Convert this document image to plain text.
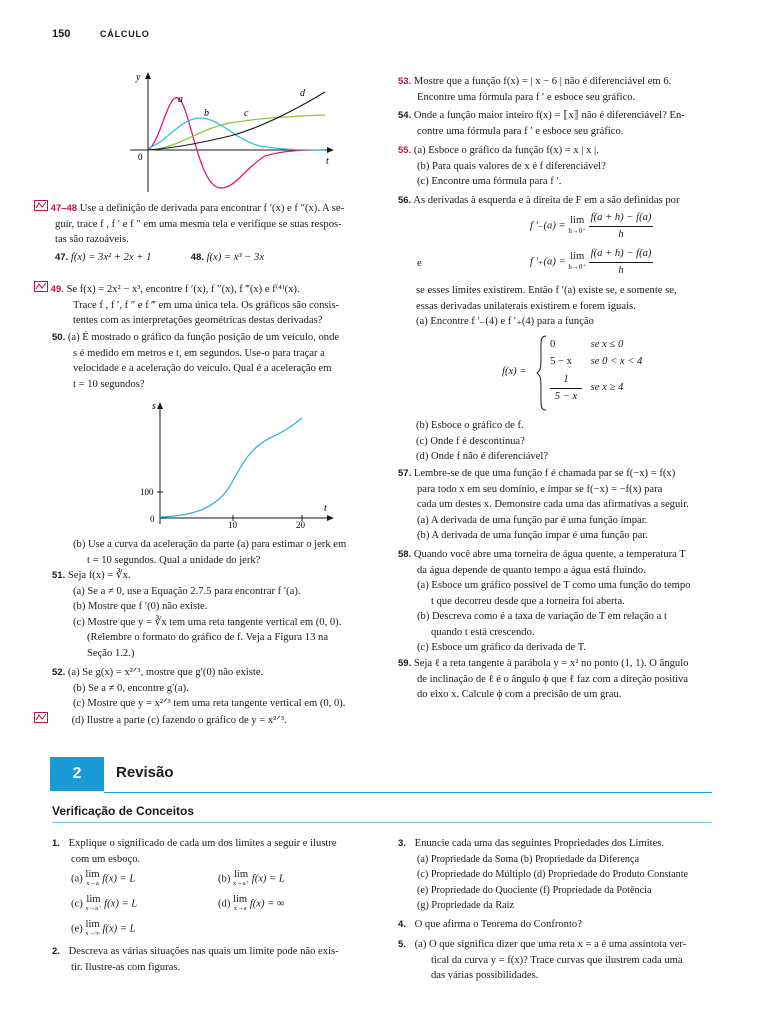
150	CÁLCULO
y
t
0
a
b	c
d
47–48 Use a definição de derivada para encontrar f ′(x) e f ″(x). A se-
guir, trace f , f ′ e f ″ em uma mesma tela e verifique se suas respos-
tas são razoáveis.
47. f(x) = 3x² + 2x + 1	48. f(x) = x³ − 3x
49. Se f(x) = 2x² − x³, encontre f ′(x), f ″(x), f ‴(x) e f⁽⁴⁾(x).
Trace f , f ′, f ″ e f ‴ em uma única tela. Os gráficos são consis-
tentes com as interpretações geométricas destas derivadas?
50. (a) É mostrado o gráfico da função posição de um veículo, onde
s é medido em metros e t, em segundos. Use-o para traçar a
velocidade e a aceleração do veículo. Qual é a aceleração em
t = 10 segundos?
s
t
0
100
10	20
(b) Use a curva da aceleração da parte (a) para estimar o jerk em
t = 10 segundos. Qual a unidade do jerk?
51. Seja f(x) = ∛x.
(a) Se a ≠ 0, use a Equação 2.7.5 para encontrar f ′(a).
(b) Mostre que f ′(0) não existe.
(c) Mostre que y = ∛x tem uma reta tangente vertical em (0, 0).
(Relembre o formato do gráfico de f. Veja a Figura 13 na
Seção 1.2.)
52. (a) Se g(x) = x²ᐟ³, mostre que g′(0) não existe.
(b) Se a ≠ 0, encontre g′(a).
(c) Mostre que y = x²ᐟ³ tem uma reta tangente vertical em (0, 0).
(d) Ilustre a parte (c) fazendo o gráfico de y = x²ᐟ³.
53. Mostre que a função f(x) = | x − 6 | não é diferenciável em 6.
Encontre uma fórmula para f ′ e esboce seu gráfico.
54. Onde a função maior inteiro f(x) = ⟦x⟧ não é diferenciável? En-
contre uma fórmula para f ′ e esboce seu gráfico.
55. (a) Esboce o gráfico da função f(x) = x | x |.
(b) Para quais valores de x é f diferenciável?
(c) Encontre uma fórmula para f ′.
56. As derivadas à esquerda e à direita de F em a são definidas por
f ′₋(a) = lim
h→0⁻
$\frac{f(a + h) - f(a)}{h}$
e	f ′₊(a) = lim
h→0⁺
$\frac{f(a + h) - f(a)}{h}$
se esses limites existirem. Então f ′(a) existe se, e somente se,
essas derivadas unilaterais existirem e forem iguais.
(a) Encontre f ′₋(4) e f ′₊(4) para a função
f(x) =
0	se x ≤ 0
5 − x se 0 < x < 4
$\frac{1}{5 - x}$ se x ≥ 4
(b) Esboce o gráfico de f.
(c) Onde f é descontínua?
(d) Onde f não é diferenciável?
57. Lembre-se de que uma função f é chamada par se f(−x) = f(x)
para todo x em seu domínio, e ímpar se f(−x) = −f(x) para
cada um destes x. Demonstre cada uma das afirmativas a seguir.
(a) A derivada de uma função par é uma função ímpar.
(b) A derivada de uma função ímpar é uma função par.
58. Quando você abre uma torneira de água quente, a temperatura T
da água depende de quanto tempo a água está fluindo.
(a) Esboce um gráfico possível de T como uma função do tempo
t que decorreu desde que a torneira foi aberta.
(b) Descreva como é a taxa de variação de T em relação a t
quando t está crescendo.
(c) Esboce um gráfico da derivada de T.
59. Seja ℓ a reta tangente à parábola y = x² no ponto (1, 1). O ângulo
de inclinação de ℓ é o ângulo ϕ que ℓ faz com a direção positiva
do eixo x. Calcule ϕ com a precisão de um grau.
2	Revisão
Verificação de Conceitos
1. Explique o significado de cada um dos limites a seguir e ilustre
com um esboço.
(a) lim
x→a f(x) = L	(b) lim
x→a⁺ f(x) = L
(c) lim
x→a⁻ f(x) = L	(d) lim
x→a f(x) = ∞
(e) lim
x→∞ f(x) = L
2. Descreva as várias situações nas quais um limite pode não exis-
tir. Ilustre-as com figuras.
3. Enuncie cada uma das seguintes Propriedades dos Limites.
(a) Propriedade da Soma (b) Propriedade da Diferença
(c) Propriedade do Múltiplo (d) Propriedade do Produto Constante
(e) Propriedade do Quociente (f) Propriedade da Potência
(g) Propriedade da Raiz
4. O que afirma o Teorema do Confronto?
5. (a) O que significa dizer que uma reta x = a é uma assíntota ver-
tical da curva y = f(x)? Trace curvas que ilustrem cada uma
das várias possibilidades.
